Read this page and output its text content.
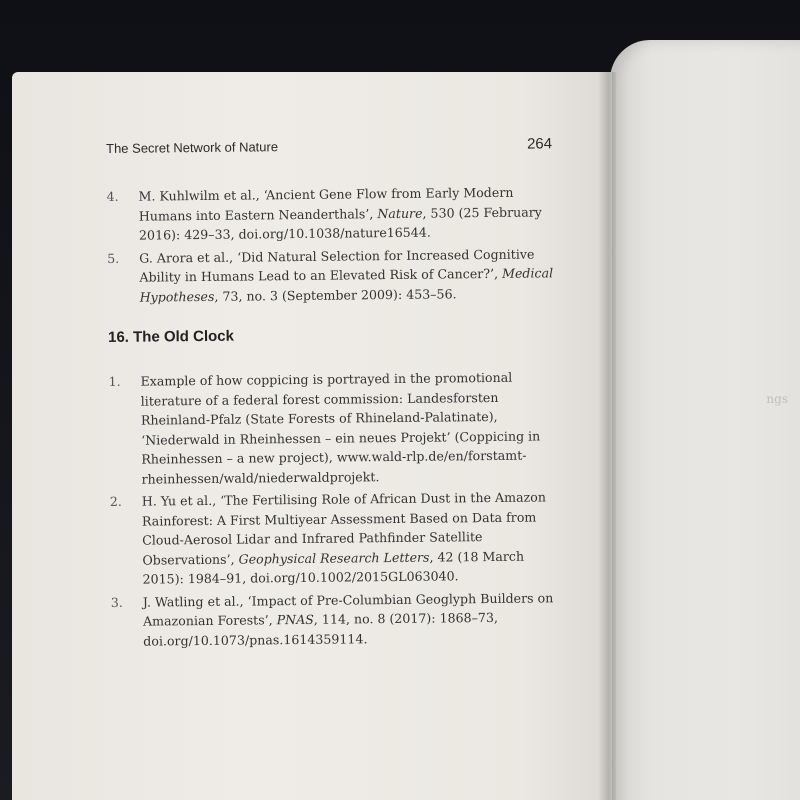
ngs
The Secret Network of Nature	264
4.	M. Kuhlwilm et al., ‘Ancient Gene Flow from Early Modern Humans into Eastern Neanderthals’, Nature, 530 (25 February 2016): 429–33, doi.org/10.1038/nature16544.
5.	G. Arora et al., ‘Did Natural Selection for Increased Cognitive Ability in Humans Lead to an Elevated Risk of Cancer?’, Medical Hypotheses, 73, no. 3 (September 2009): 453–56.
16. The Old Clock
1.	Example of how coppicing is portrayed in the promotional literature of a federal forest commission: Landesforsten Rheinland-Pfalz (State Forests of Rhineland-Palatinate), ‘Niederwald in Rheinhessen – ein neues Projekt’ (Coppicing in Rheinhessen – a new project), www.wald-rlp.de/en/forstamt-rheinhessen/wald/niederwaldprojekt.
2.	H. Yu et al., ‘The Fertilising Role of African Dust in the Amazon Rainforest: A First Multiyear Assessment Based on Data from Cloud-Aerosol Lidar and Infrared Pathfinder Satellite Observations’, Geophysical Research Letters, 42 (18 March 2015): 1984–91, doi.org/10.1002/2015GL063040.
3.	J. Watling et al., ‘Impact of Pre-Columbian Geoglyph Builders on Amazonian Forests’, PNAS, 114, no. 8 (2017): 1868–73, doi.org/10.1073/pnas.1614359114.
